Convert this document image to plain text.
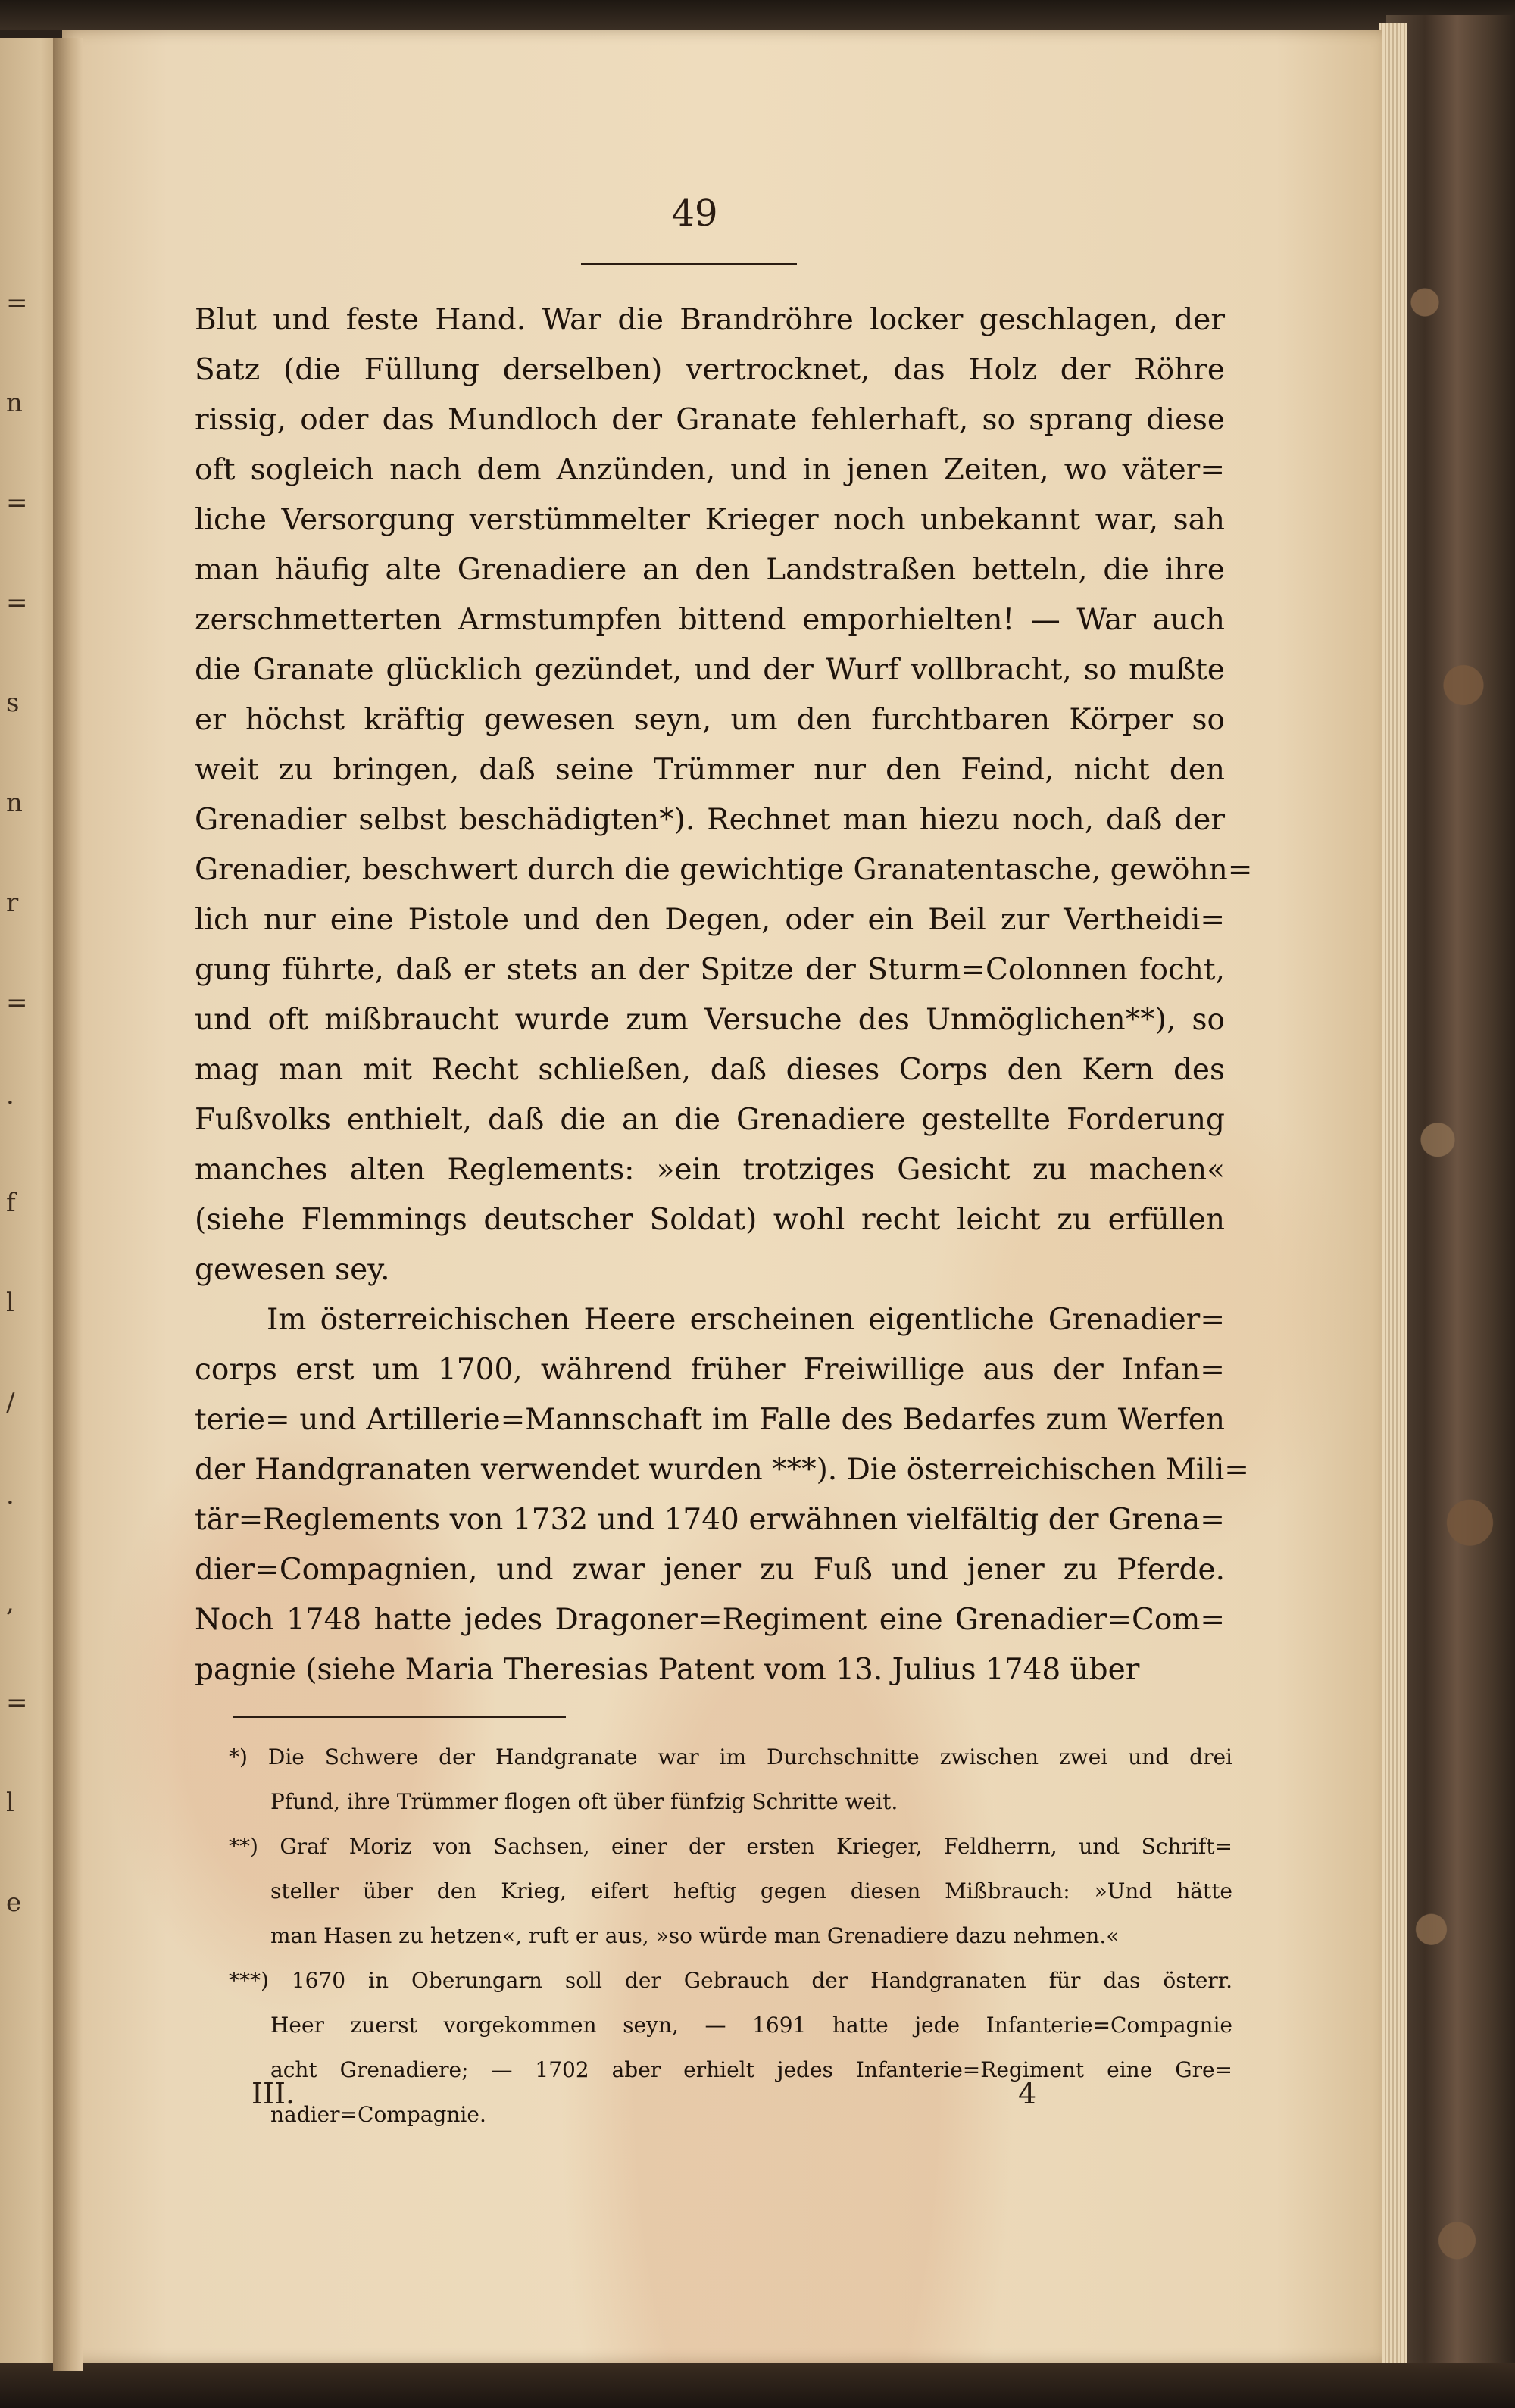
=
n
=
=
s
n
r
=
·
f
l
/
·
,
=
l
e
49
Blut und feste Hand. War die Brandröhre locker geschlagen, der
Satz (die Füllung derselben) vertrocknet, das Holz der Röhre
rissig, oder das Mundloch der Granate fehlerhaft, so sprang diese
oft sogleich nach dem Anzünden, und in jenen Zeiten, wo väter=
liche Versorgung verstümmelter Krieger noch unbekannt war, sah
man häufig alte Grenadiere an den Landstraßen betteln, die ihre
zerschmetterten Armstumpfen bittend emporhielten! — War auch
die Granate glücklich gezündet, und der Wurf vollbracht, so mußte
er höchst kräftig gewesen seyn, um den furchtbaren Körper so
weit zu bringen, daß seine Trümmer nur den Feind, nicht den
Grenadier selbst beschädigten*). Rechnet man hiezu noch, daß der
Grenadier, beschwert durch die gewichtige Granatentasche, gewöhn=
lich nur eine Pistole und den Degen, oder ein Beil zur Vertheidi=
gung führte, daß er stets an der Spitze der Sturm=Colonnen focht,
und oft mißbraucht wurde zum Versuche des Unmöglichen**), so
mag man mit Recht schließen, daß dieses Corps den Kern des
Fußvolks enthielt, daß die an die Grenadiere gestellte Forderung
manches alten Reglements: »ein trotziges Gesicht zu machen«
(siehe Flemmings deutscher Soldat) wohl recht leicht zu erfüllen
gewesen sey.
Im österreichischen Heere erscheinen eigentliche Grenadier=
corps erst um 1700, während früher Freiwillige aus der Infan=
terie= und Artillerie=Mannschaft im Falle des Bedarfes zum Werfen
der Handgranaten verwendet wurden ***). Die österreichischen Mili=
tär=Reglements von 1732 und 1740 erwähnen vielfältig der Grena=
dier=Compagnien, und zwar jener zu Fuß und jener zu Pferde.
Noch 1748 hatte jedes Dragoner=Regiment eine Grenadier=Com=
pagnie (siehe Maria Theresias Patent vom 13. Julius 1748 über
*) Die Schwere der Handgranate war im Durchschnitte zwischen zwei und drei
Pfund, ihre Trümmer flogen oft über fünfzig Schritte weit.
**) Graf Moriz von Sachsen, einer der ersten Krieger, Feldherrn, und Schrift=
steller über den Krieg, eifert heftig gegen diesen Mißbrauch: »Und hätte
man Hasen zu hetzen«, ruft er aus, »so würde man Grenadiere dazu nehmen.«
***) 1670 in Oberungarn soll der Gebrauch der Handgranaten für das österr.
Heer zuerst vorgekommen seyn, — 1691 hatte jede Infanterie=Compagnie
acht Grenadiere; — 1702 aber erhielt jedes Infanterie=Regiment eine Gre=
nadier=Compagnie.
III.	4
